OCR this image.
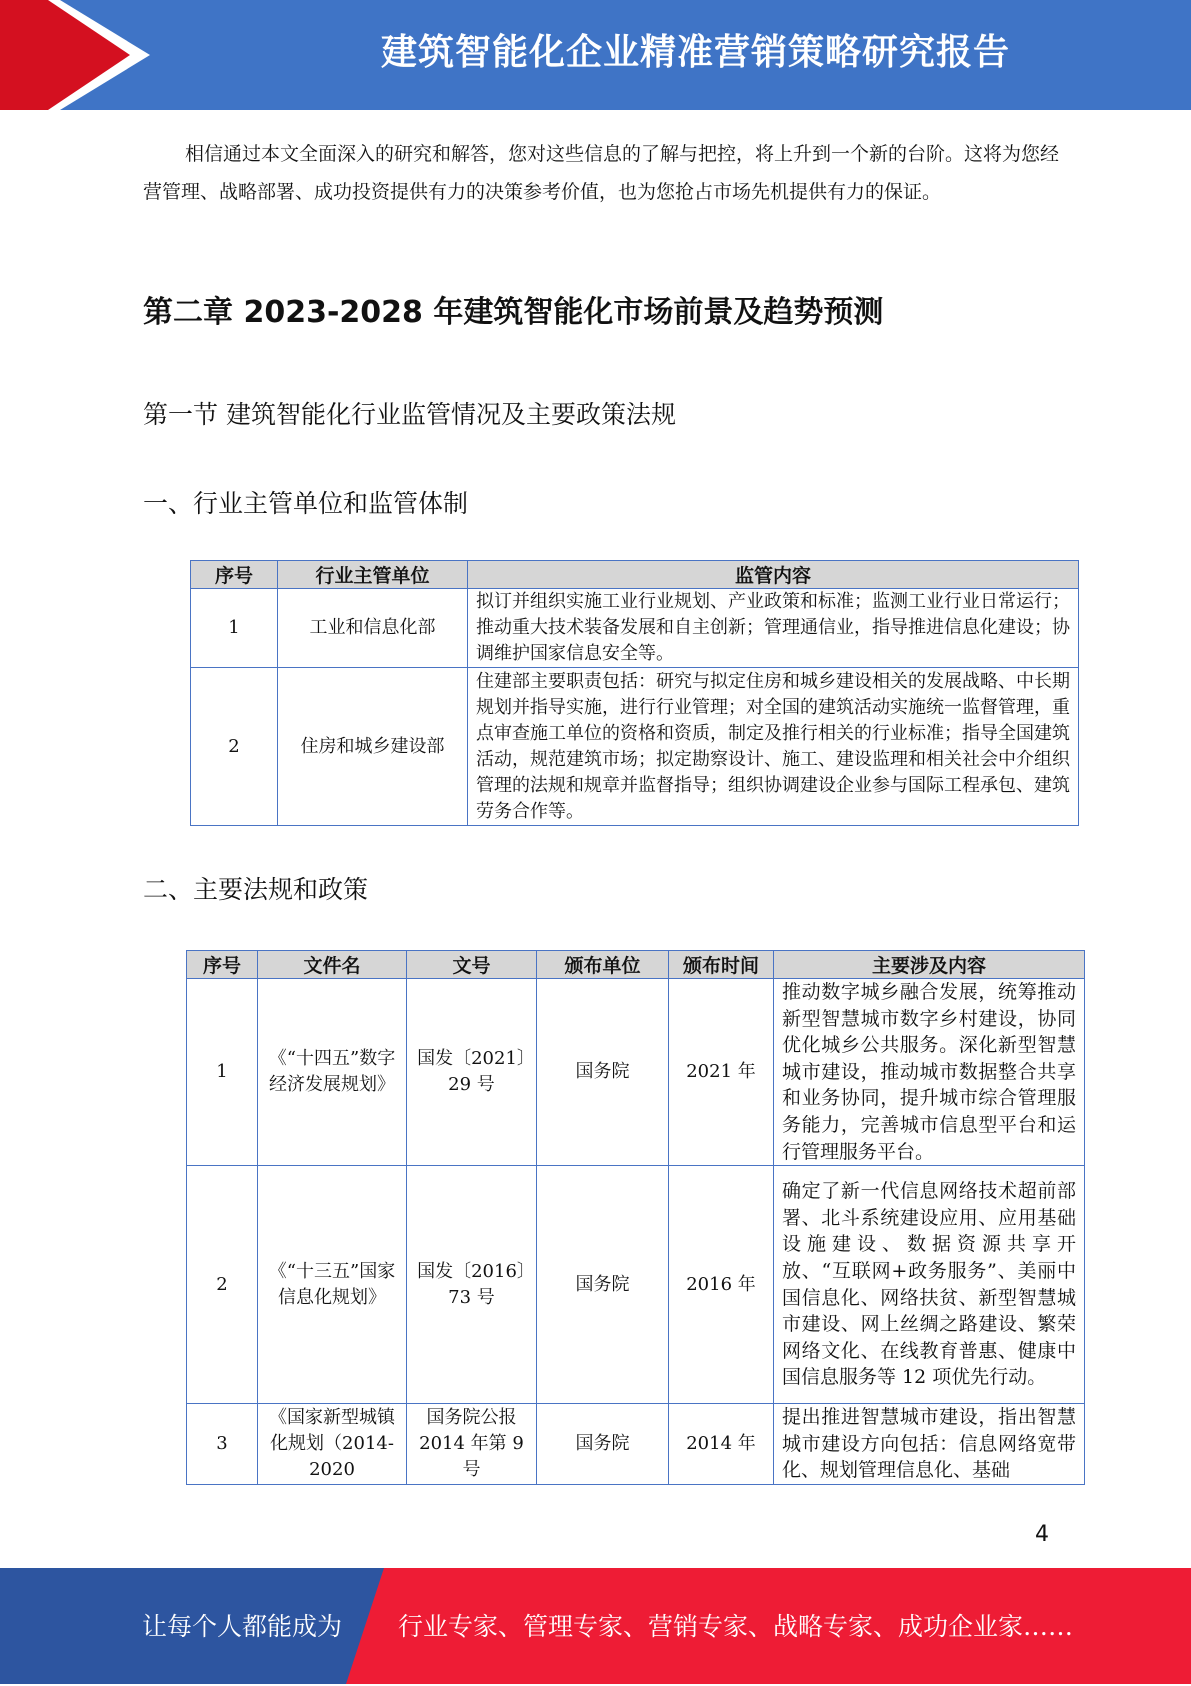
建筑智能化企业精准营销策略研究报告

相信通过本文全面深入的研究和解答，您对这些信息的了解与把控，将上升到一个新的台阶。这将为您经营管理、战略部署、成功投资提供有力的决策参考价值，也为您抢占市场先机提供有力的保证。

第二章 2023-2028 年建筑智能化市场前景及趋势预测
第一节 建筑智能化行业监管情况及主要政策法规
一、行业主管单位和监管体制
序号	行业主管单位	监管内容
1	工业和信息化部	拟订并组织实施工业行业规划、产业政策和标准；监测工业行业日常运行；推动重大技术装备发展和自主创新；管理通信业，指导推进信息化建设；协调维护国家信息安全等。
2	住房和城乡建设部	住建部主要职责包括：研究与拟定住房和城乡建设相关的发展战略、中长期规划并指导实施，进行行业管理；对全国的建筑活动实施统一监督管理，重点审查施工单位的资格和资质，制定及推行相关的行业标准；指导全国建筑活动，规范建筑市场；拟定勘察设计、施工、建设监理和相关社会中介组织管理的法规和规章并监督指导；组织协调建设企业参与国际工程承包、建筑劳务合作等。
二、主要法规和政策
序号	文件名	文号	颁布单位	颁布时间	主要涉及内容
1	《“十四五”数字经济发展规划》	国发〔2021〕29 号	国务院	2021 年	推动数字城乡融合发展，统筹推动新型智慧城市数字乡村建设，协同优化城乡公共服务。深化新型智慧城市建设，推动城市数据整合共享和业务协同，提升城市综合管理服务能力，完善城市信息型平台和运行管理服务平台。
2	《“十三五”国家信息化规划》	国发〔2016〕73 号	国务院	2016 年	确定了新一代信息网络技术超前部署、北斗系统建设应用、应用基础设施建设、数据资源共享开放、“互联网+政务服务”、美丽中国信息化、网络扶贫、新型智慧城市建设、网上丝绸之路建设、繁荣网络文化、在线教育普惠、健康中国信息服务等 12 项优先行动。
3	《国家新型城镇化规划（2014-2020	国务院公报 2014 年第 9 号	国务院	2014 年	提出推进智慧城市建设，指出智慧城市建设方向包括：信息网络宽带化、规划管理信息化、基础
4
让每个人都能成为 行业专家、管理专家、营销专家、战略专家、成功企业家……
